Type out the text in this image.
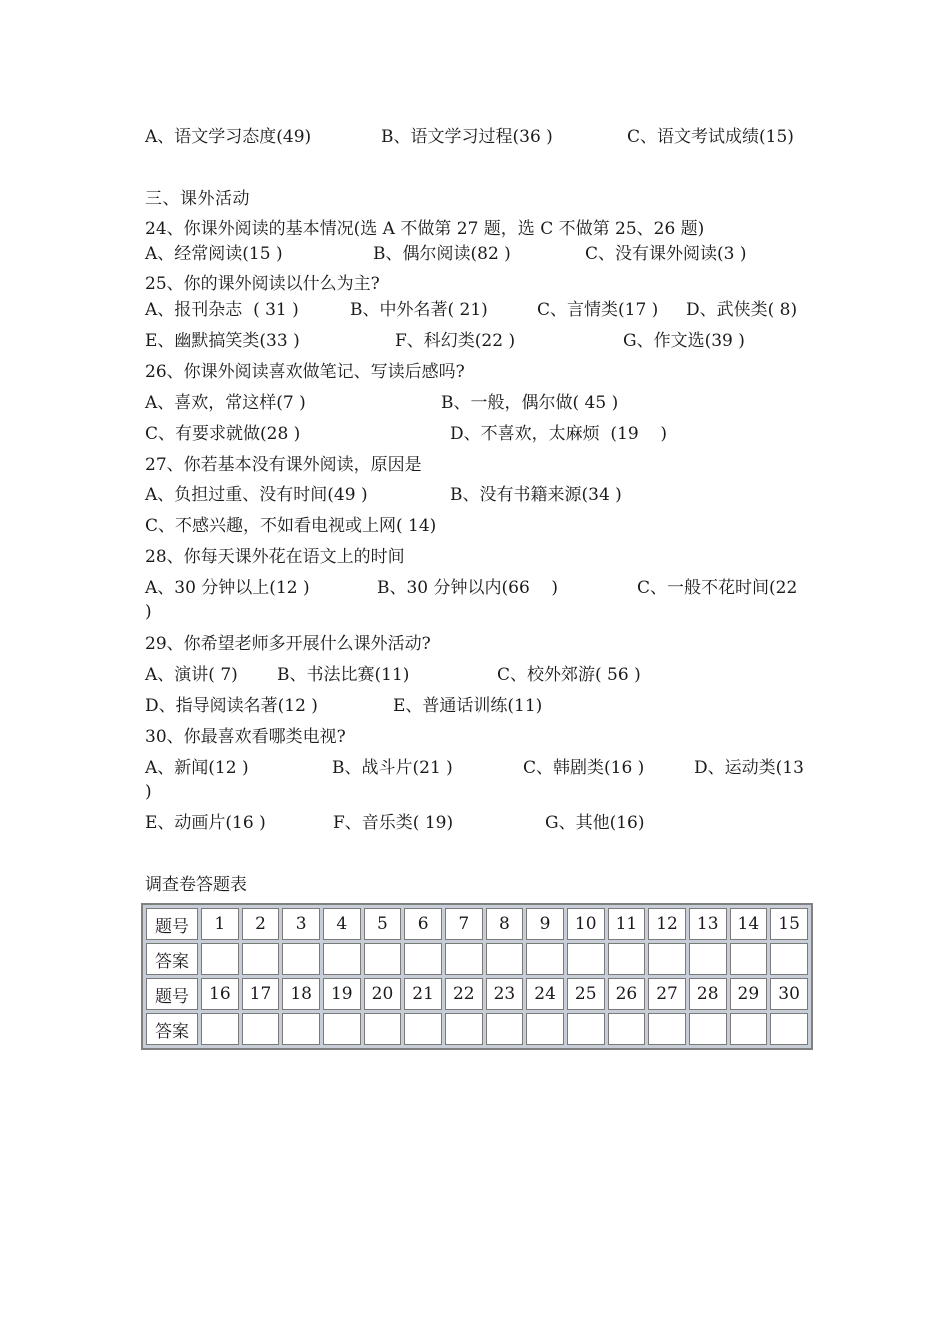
A、语文学习态度(49)

	B、语文学习过程(36 )

	C、语文考试成绩(15)

三、课外活动
24、你课外阅读的基本情况(选 A 不做第 27 题，选 C 不做第 25、26 题)

A、经常阅读(15 )

	B、偶尔阅读(82 )

	C、没有课外阅读(3 )

25、你的课外阅读以什么为主?

A、报刊杂志  ( 31 )

	B、中外名著( 21)

	C、言情类(17 )

D、武侠类( 8)

E、幽默搞笑类(33 )

	F、科幻类(22 )

	G、作文选(39 )

26、你课外阅读喜欢做笔记、写读后感吗?

A、喜欢，常这样(7 )

	B、一般，偶尔做( 45 )

C、有要求就做(28 )

	D、不喜欢，太麻烦  (19    )

27、你若基本没有课外阅读，原因是

A、负担过重、没有时间(49 )

	B、没有书籍来源(34 )

C、不感兴趣，不如看电视或上网( 14)
28、你每天课外花在语文上的时间

A、30 分钟以上(12 )

	B、30 分钟以内(66    )

	C、一般不花时间(22

)
29、你希望老师多开展什么课外活动?

A、演讲( 7)

B、书法比赛(11)

	C、校外郊游( 56 )

D、指导阅读名著(12 )

	E、普通话训练(11)

30、你最喜欢看哪类电视?

A、新闻(12 )

	B、战斗片(21 )

	C、韩剧类(16 )

	D、运动类(13

)

E、动画片(16 )

	F、音乐类( 19)

	G、其他(16)

调查卷答题表
题号	1	2	3	4	5	6	7	8	9	10	11	12	13	14	15
答案															
题号	16	17	18	19	20	21	22	23	24	25	26	27	28	29	30
答案															
